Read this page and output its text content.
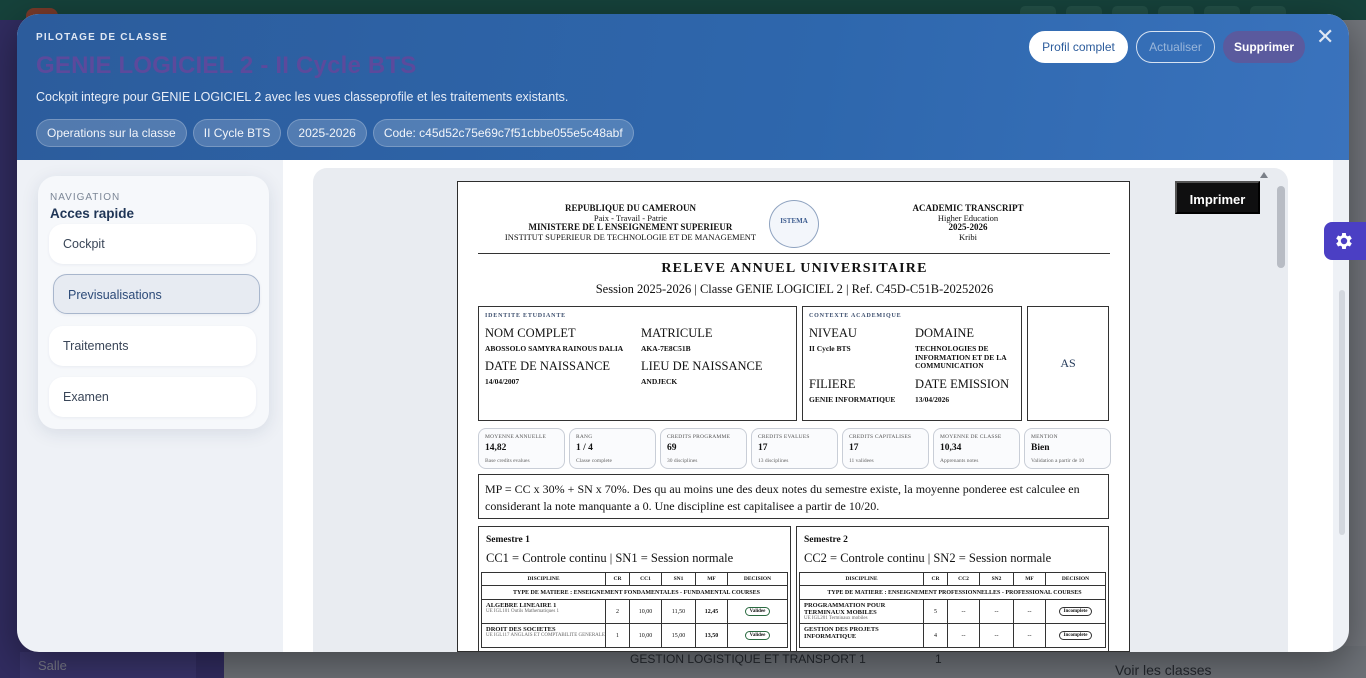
PILOTAGE DE CLASSE
GENIE LOGICIEL 2 - II Cycle BTS
Cockpit integre pour GENIE LOGICIEL 2 avec les vues classeprofile et les traitements existants.
Operations sur la classe	II Cycle BTS	2025-2026	Code: c45d52c75e69c7f51cbbe055e5c48abf
Profil complet	Actualiser	Supprimer	✕
NAVIGATION
Acces rapide
Cockpit
Previsualisations
Traitements
Examen
Imprimer
REPUBLIQUE DU CAMEROUN
Paix - Travail - Patrie
MINISTERE DE L ENSEIGNEMENT SUPERIEUR
INSTITUT SUPERIEUR DE TECHNOLOGIE ET DE MANAGEMENT
ISTEMA
ACADEMIC TRANSCRIPT
Higher Education
2025-2026
Kribi
RELEVE ANNUEL UNIVERSITAIRE
Session 2025-2026 | Classe GENIE LOGICIEL 2 | Ref. C45D-C51B-20252026
IDENTITE ETUDIANTE
NOM COMPLET
ABOSSOLO SAMYRA RAINOUS DALIA
MATRICULE
AKA-7E8C51B
DATE DE NAISSANCE
14/04/2007
LIEU DE NAISSANCE
ANDJECK
CONTEXTE ACADEMIQUE
NIVEAU
II Cycle BTS
DOMAINE
TECHNOLOGIES DE INFORMATION ET DE LA COMMUNICATION
FILIERE
GENIE INFORMATIQUE
DATE EMISSION
13/04/2026
AS
MOYENNE ANNUELLE
14,82
Base credits evalues
RANG
1 / 4
Classe complete
CREDITS PROGRAMME
69
30 disciplines
CREDITS EVALUES
17
13 disciplines
CREDITS CAPITALISES
17
11 validees
MOYENNE DE CLASSE
10,34
Apprenants notes
MENTION
Bien
Validation a partir de 10
MP = CC x 30% + SN x 70%. Des qu au moins une des deux notes du semestre existe, la moyenne ponderee est calculee en considerant la note manquante a 0. Une discipline est capitalisee a partir de 10/20.
Semestre 1
CC1 = Controle continu | SN1 = Session normale
DISCIPLINE	CR	CC1	SN1	MF	DECISION
TYPE DE MATIERE : ENSEIGNEMENT FONDAMENTALES - FUNDAMENTAL COURSES					

ALGEBRE LINEAIRE 1
UE IGL101 Outils Mathematiques 1	2	10,00	11,50	12,45	Validee

DROIT DES SOCIETES
UE IGL117 ANGLAIS ET COMPTABILITE GENERALE	1	10,00	15,00	13,50	Validee
Semestre 2
CC2 = Controle continu | SN2 = Session normale
DISCIPLINE	CR	CC2	SN2	MF	DECISION
TYPE DE MATIERE : ENSEIGNEMENT PROFESSIONNELLES - PROFESSIONAL COURSES					

PROGRAMMATION POUR TERMINAUX MOBILES
UE IGL201 Terminaux mobiles	5	--	--	--	Incomplete

GESTION DES PROJETS INFORMATIQUE	4	--	--	--	Incomplete
